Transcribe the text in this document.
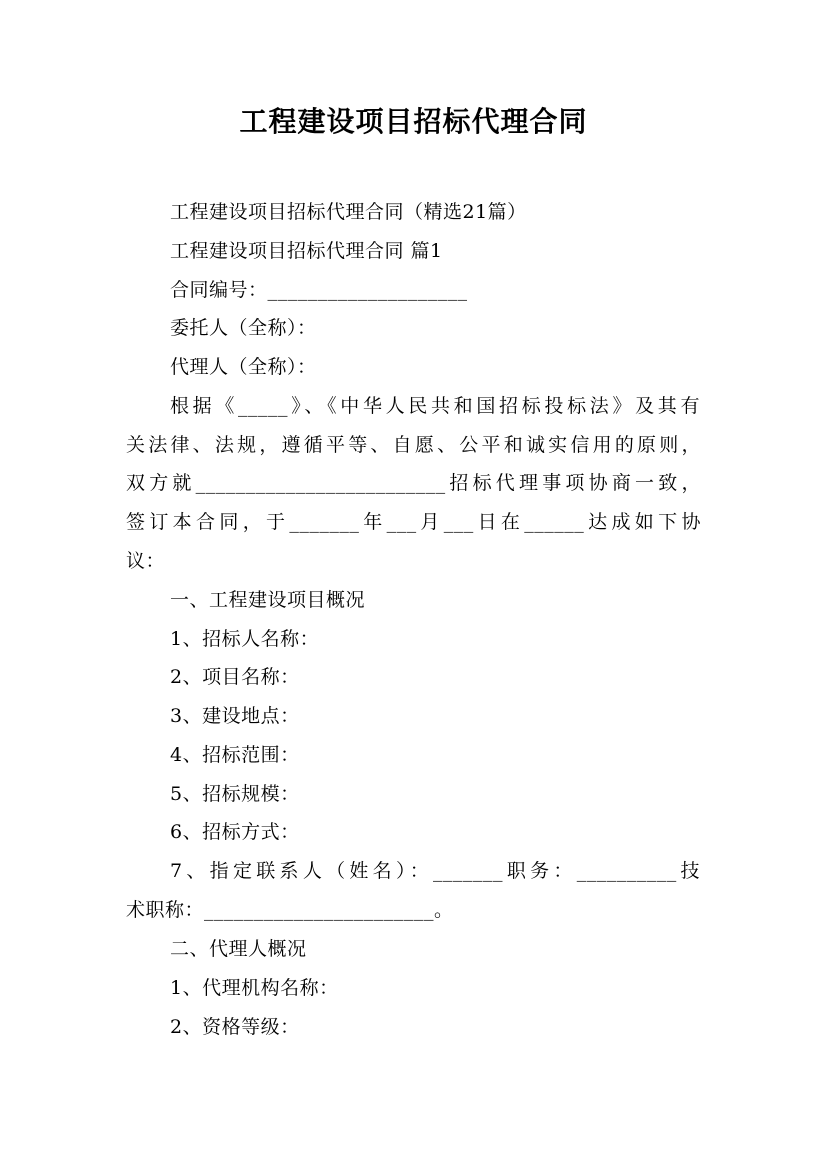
工程建设项目招标代理合同
工程建设项目招标代理合同（精选21篇）
工程建设项目招标代理合同 篇1
合同编号：____________________
委托人（全称）：
代理人（全称）：
根据《_____》、《中华人民共和国招标投标法》及其有
关法律、法规，遵循平等、自愿、公平和诚实信用的原则，
双方就_________________________招标代理事项协商一致，
签订本合同，于_______年___月___日在______达成如下协
议：
一、工程建设项目概况
1、招标人名称：
2、项目名称：
3、建设地点：
4、招标范围：
5、招标规模：
6、招标方式：
7、指定联系人（姓名）：_______职务：__________技
术职称：_______________________。
二、代理人概况
1、代理机构名称：
2、资格等级：
